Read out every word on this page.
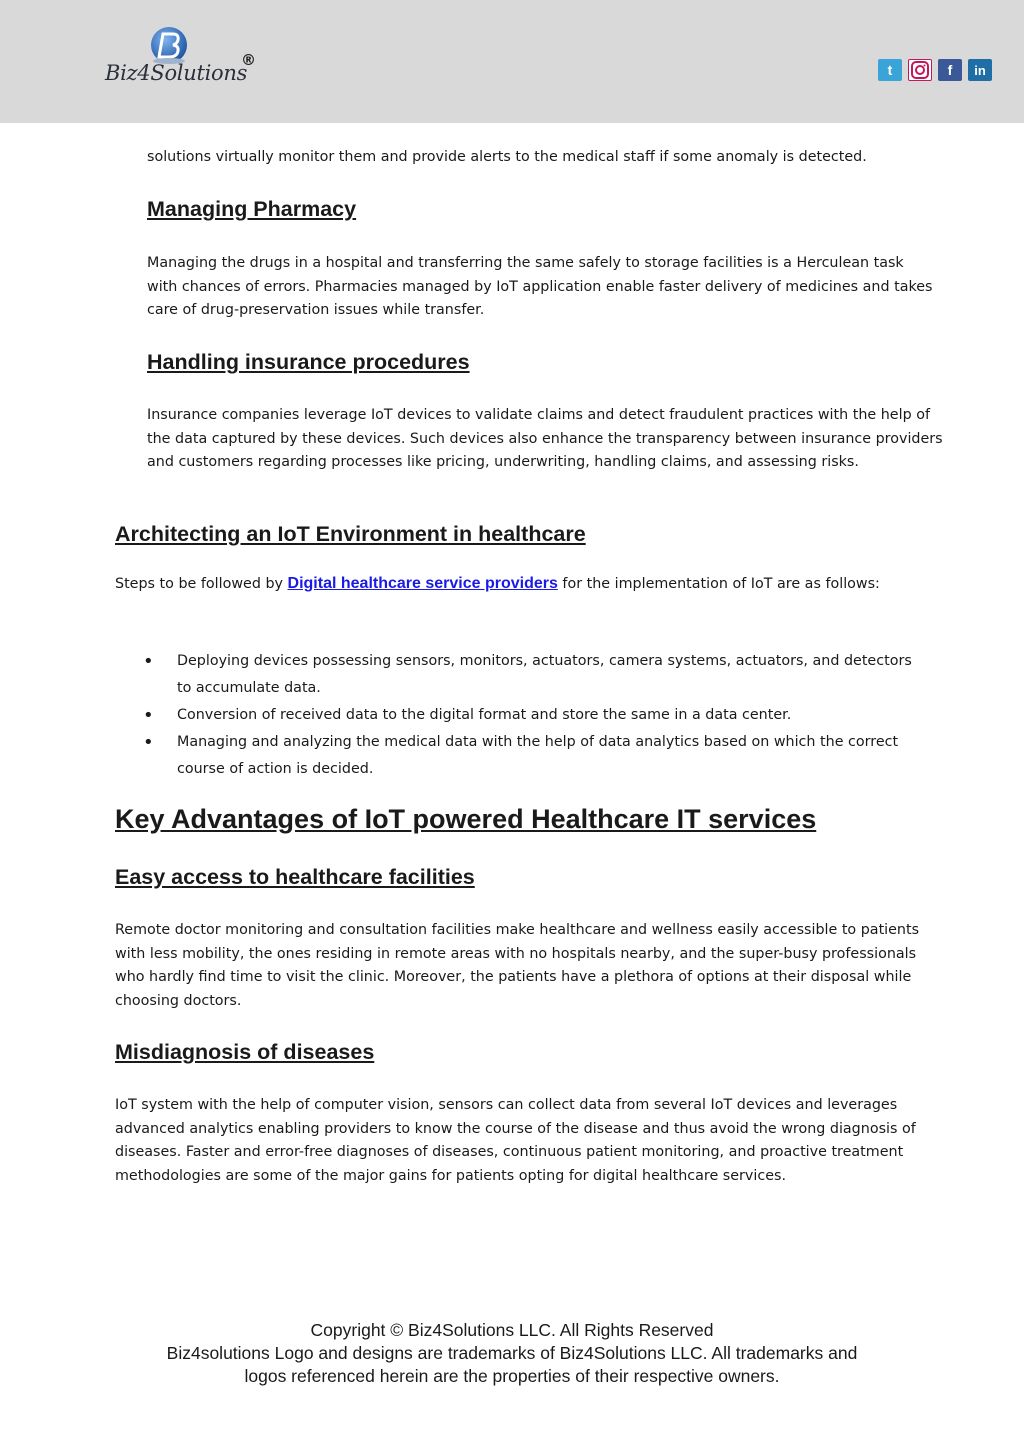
Biz4Solutions
®
t	f in

solutions virtually monitor them and provide alerts to the medical staff if some anomaly is detected.

Managing Pharmacy

Managing the drugs in a hospital and transferring the same safely to storage facilities is a Herculean task with chances of errors. Pharmacies managed by IoT application enable faster delivery of medicines and takes care of drug-preservation issues while transfer.

Handling insurance procedures

Insurance companies leverage IoT devices to validate claims and detect fraudulent practices with the help of the data captured by these devices. Such devices also enhance the transparency between insurance providers and customers regarding processes like pricing, underwriting, handling claims, and assessing risks.

Architecting an IoT Environment in healthcare

Steps to be followed by Digital healthcare service providers for the implementation of IoT are as follows:

• Deploying devices possessing sensors, monitors, actuators, camera systems, actuators, and detectors to accumulate data.
• Conversion of received data to the digital format and store the same in a data center.
• Managing and analyzing the medical data with the help of data analytics based on which the correct course of action is decided.
Key Advantages of IoT powered Healthcare IT services
Easy access to healthcare facilities

Remote doctor monitoring and consultation facilities make healthcare and wellness easily accessible to patients with less mobility, the ones residing in remote areas with no hospitals nearby, and the super-busy professionals who hardly find time to visit the clinic. Moreover, the patients have a plethora of options at their disposal while choosing doctors.

Misdiagnosis of diseases

IoT system with the help of computer vision, sensors can collect data from several IoT devices and leverages advanced analytics enabling providers to know the course of the disease and thus avoid the wrong diagnosis of diseases. Faster and error-free diagnoses of diseases, continuous patient monitoring, and proactive treatment methodologies are some of the major gains for patients opting for digital healthcare services.

Copyright © Biz4Solutions LLC. All Rights Reserved
Biz4solutions Logo and designs are trademarks of Biz4Solutions LLC. All trademarks and
logos referenced herein are the properties of their respective owners.
